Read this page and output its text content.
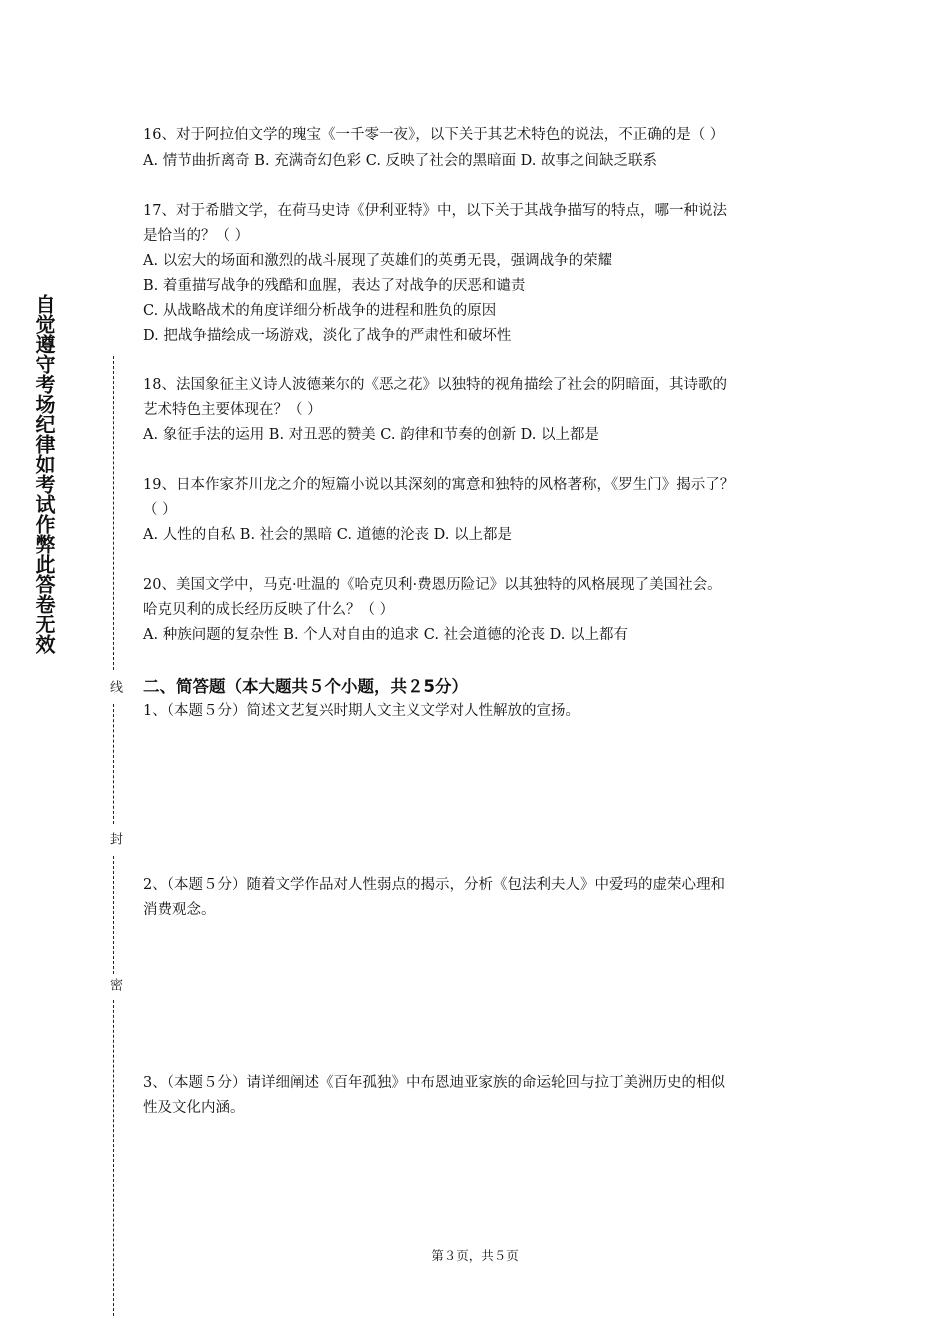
自觉遵守考场纪律如考试作弊此答卷无效
线
封
密
16、对于阿拉伯文学的瑰宝《一千零一夜》，以下关于其艺术特色的说法，不正确的是（ ）
A. 情节曲折离奇 B. 充满奇幻色彩 C. 反映了社会的黑暗面 D. 故事之间缺乏联系
17、对于希腊文学，在荷马史诗《伊利亚特》中，以下关于其战争描写的特点，哪一种说法
是恰当的？（ ）
A. 以宏大的场面和激烈的战斗展现了英雄们的英勇无畏，强调战争的荣耀
B. 着重描写战争的残酷和血腥，表达了对战争的厌恶和谴责
C. 从战略战术的角度详细分析战争的进程和胜负的原因
D. 把战争描绘成一场游戏，淡化了战争的严肃性和破坏性
18、法国象征主义诗人波德莱尔的《恶之花》以独特的视角描绘了社会的阴暗面，其诗歌的
艺术特色主要体现在？（ ）
A. 象征手法的运用 B. 对丑恶的赞美 C. 韵律和节奏的创新 D. 以上都是
19、日本作家芥川龙之介的短篇小说以其深刻的寓意和独特的风格著称，《罗生门》揭示了？
（ ）
A. 人性的自私 B. 社会的黑暗 C. 道德的沦丧 D. 以上都是
20、美国文学中，马克·吐温的《哈克贝利·费恩历险记》以其独特的风格展现了美国社会。
哈克贝利的成长经历反映了什么？（ ）
A. 种族问题的复杂性 B. 个人对自由的追求 C. 社会道德的沦丧 D. 以上都有
二、简答题（本大题共５个小题，共２5分）
1、（本题５分）简述文艺复兴时期人文主义文学对人性解放的宣扬。
2、（本题５分）随着文学作品对人性弱点的揭示，分析《包法利夫人》中爱玛的虚荣心理和
消费观念。
3、（本题５分）请详细阐述《百年孤独》中布恩迪亚家族的命运轮回与拉丁美洲历史的相似
性及文化内涵。
第３页，共５页
